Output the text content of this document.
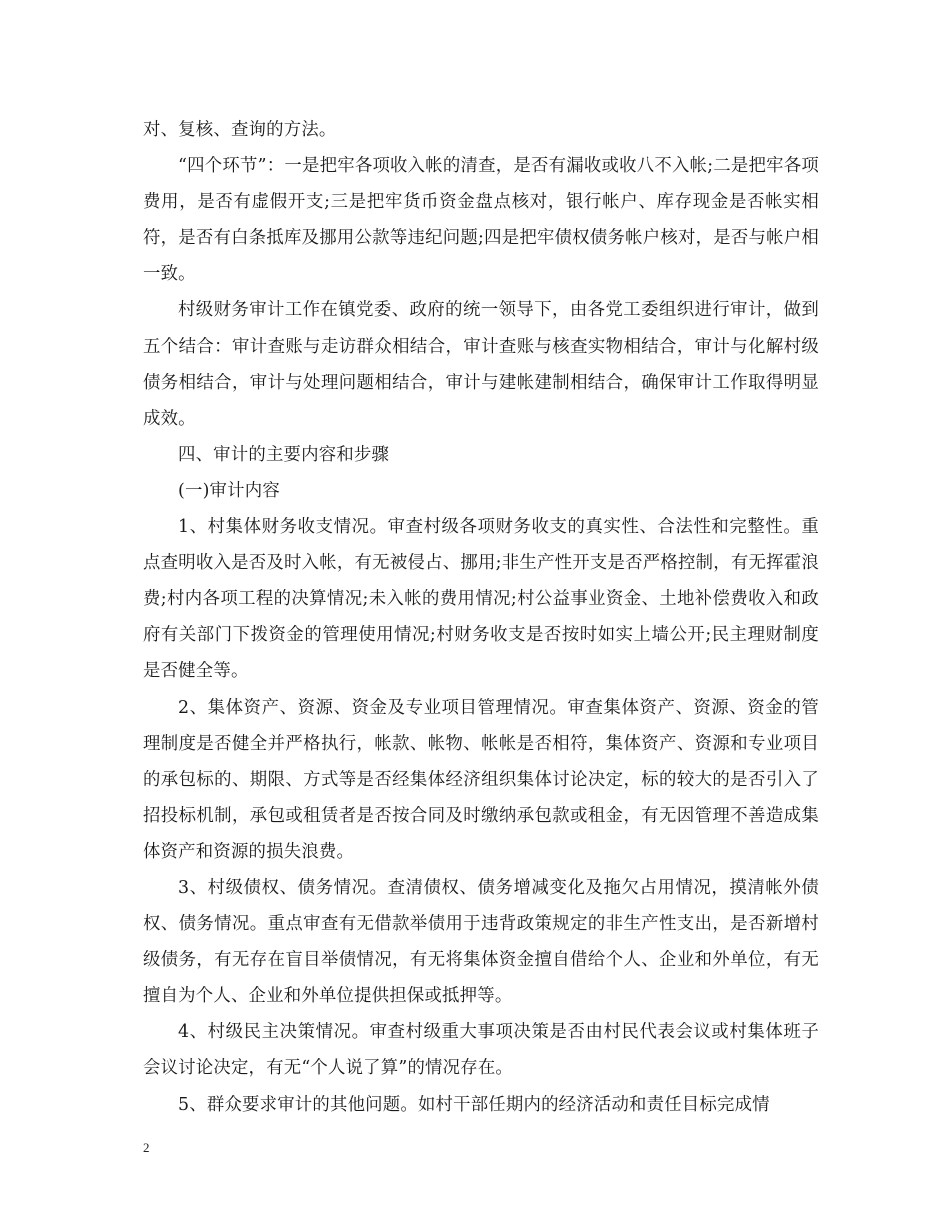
对、复核、查询的方法。

“四个环节”：一是把牢各项收入帐的清查，是否有漏收或收八不入帐;二是把牢各项费用，是否有虚假开支;三是把牢货币资金盘点核对，银行帐户、库存现金是否帐实相符，是否有白条抵库及挪用公款等违纪问题;四是把牢债权债务帐户核对，是否与帐户相一致。

村级财务审计工作在镇党委、政府的统一领导下，由各党工委组织进行审计，做到五个结合：审计查账与走访群众相结合，审计查账与核查实物相结合，审计与化解村级债务相结合，审计与处理问题相结合，审计与建帐建制相结合，确保审计工作取得明显成效。

四、审计的主要内容和步骤

(一)审计内容

1、村集体财务收支情况。审查村级各项财务收支的真实性、合法性和完整性。重点查明收入是否及时入帐，有无被侵占、挪用;非生产性开支是否严格控制，有无挥霍浪费;村内各项工程的决算情况;未入帐的费用情况;村公益事业资金、土地补偿费收入和政府有关部门下拨资金的管理使用情况;村财务收支是否按时如实上墙公开;民主理财制度是否健全等。

2、集体资产、资源、资金及专业项目管理情况。审查集体资产、资源、资金的管理制度是否健全并严格执行，帐款、帐物、帐帐是否相符，集体资产、资源和专业项目的承包标的、期限、方式等是否经集体经济组织集体讨论决定，标的较大的是否引入了招投标机制，承包或租赁者是否按合同及时缴纳承包款或租金，有无因管理不善造成集体资产和资源的损失浪费。

3、村级债权、债务情况。查清债权、债务增减变化及拖欠占用情况，摸清帐外债权、债务情况。重点审查有无借款举债用于违背政策规定的非生产性支出，是否新增村级债务，有无存在盲目举债情况，有无将集体资金擅自借给个人、企业和外单位，有无擅自为个人、企业和外单位提供担保或抵押等。

4、村级民主决策情况。审查村级重大事项决策是否由村民代表会议或村集体班子会议讨论决定，有无“个人说了算”的情况存在。

5、群众要求审计的其他问题。如村干部任期内的经济活动和责任目标完成情

2
